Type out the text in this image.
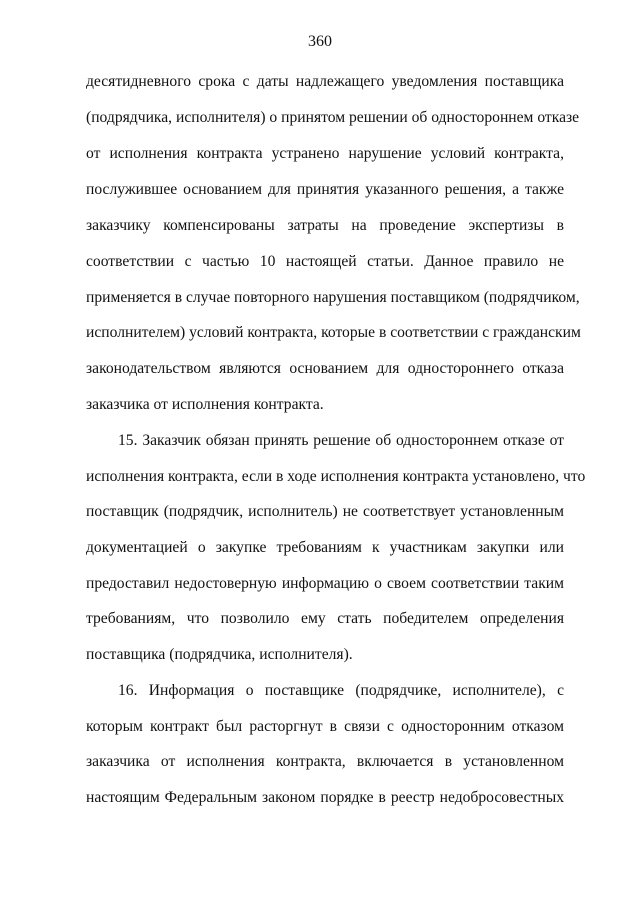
360
десятидневного срока с даты надлежащего уведомления поставщика
(подрядчика, исполнителя) о принятом решении об одностороннем отказе
от исполнения контракта устранено нарушение условий контракта,
послужившее основанием для принятия указанного решения, а также
заказчику компенсированы затраты на проведение экспертизы в
соответствии с частью 10 настоящей статьи. Данное правило не
применяется в случае повторного нарушения поставщиком (подрядчиком,
исполнителем) условий контракта, которые в соответствии с гражданским
законодательством являются основанием для одностороннего отказа
заказчика от исполнения контракта.
15. Заказчик обязан принять решение об одностороннем отказе от
исполнения контракта, если в ходе исполнения контракта установлено, что
поставщик (подрядчик, исполнитель) не соответствует установленным
документацией о закупке требованиям к участникам закупки или
предоставил недостоверную информацию о своем соответствии таким
требованиям, что позволило ему стать победителем определения
поставщика (подрядчика, исполнителя).
16. Информация о поставщике (подрядчике, исполнителе), с
которым контракт был расторгнут в связи с односторонним отказом
заказчика от исполнения контракта, включается в установленном
настоящим Федеральным законом порядке в реестр недобросовестных
